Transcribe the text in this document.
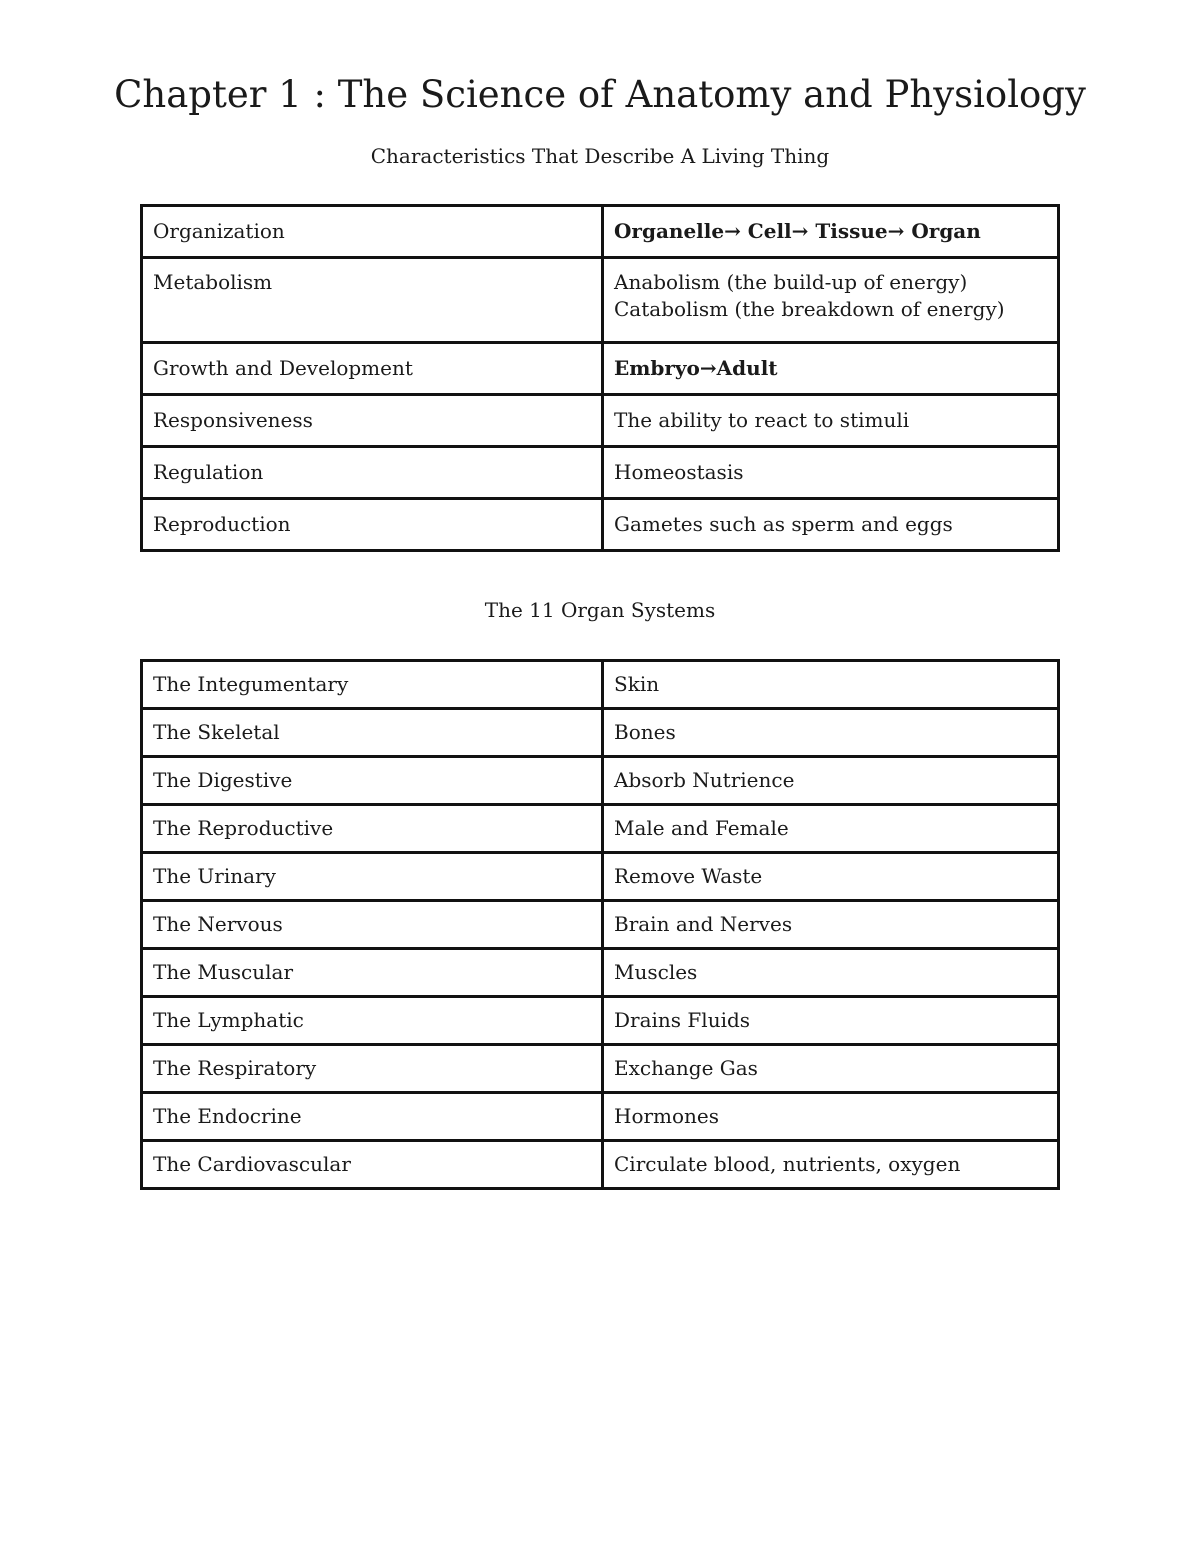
Chapter 1 : The Science of Anatomy and Physiology

Characteristics That Describe A Living Thing

Organization	Organelle→ Cell→ Tissue→ Organ
Metabolism	Anabolism (the build-up of energy)
Catabolism (the breakdown of energy)

Growth and Development	Embryo→Adult
Responsiveness	The ability to react to stimuli
Regulation	Homeostasis
Reproduction	Gametes such as sperm and eggs

The 11 Organ Systems

The Integumentary	Skin
The Skeletal	Bones
The Digestive	Absorb Nutrience
The Reproductive	Male and Female
The Urinary	Remove Waste
The Nervous	Brain and Nerves
The Muscular	Muscles
The Lymphatic	Drains Fluids
The Respiratory	Exchange Gas
The Endocrine	Hormones
The Cardiovascular	Circulate blood, nutrients, oxygen
